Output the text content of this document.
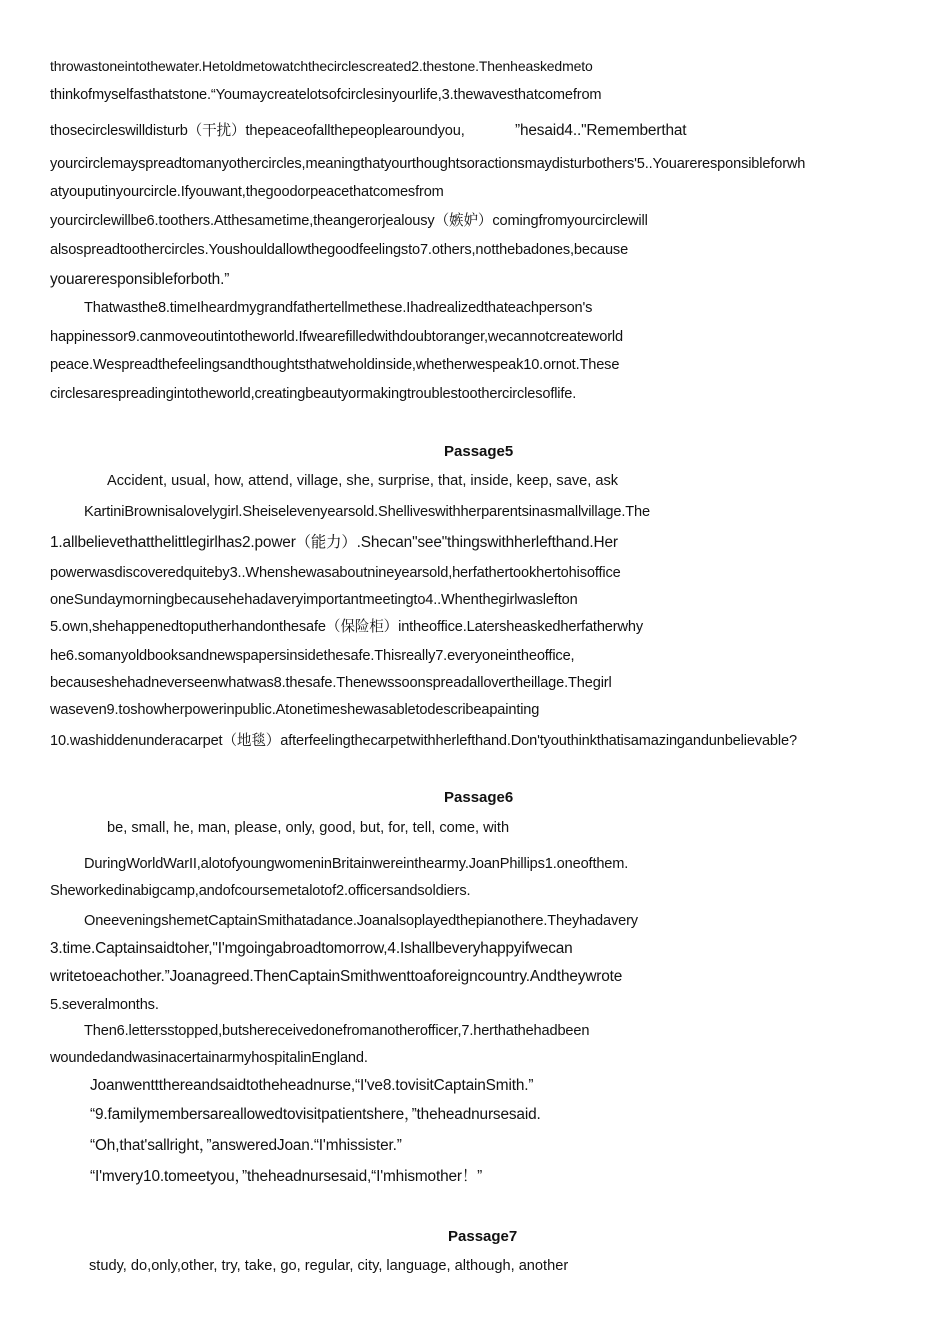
throwastoneintothewater.Hetoldmetowatchthecirclescreated2.thestone.Thenheaskedmeto
thinkofmyselfasthatstone.“Youmaycreatelotsofcirclesinyourlife,3.thewavesthatcomefrom
thosecircleswilldisturb（干扰）thepeaceofallthepeoplearoundyou,	”hesaid4.."Rememberthat
yourcirclemayspreadtomanyothercircles,meaningthatyourthoughtsoractionsmaydisturbothers'5..Youareresponsibleforwh
atyouputinyourcircle.Ifyouwant,thegoodorpeacethatcomesfrom
yourcirclewillbe6.toothers.Atthesametime,theangerorjealousy（嫉妒）comingfromyourcirclewill
alsospreadtoothercircles.Youshouldallowthegoodfeelingsto7.others,notthebadones,because
youareresponsibleforboth.”
Thatwasthe8.timeIheardmygrandfathertellmethese.Ihadrealizedthateachperson's
happinessor9.canmoveoutintotheworld.Ifwearefilledwithdoubtoranger,wecannotcreateworld
peace.Wespreadthefeelingsandthoughtsthatweholdinside,whetherwespeak10.ornot.These
circlesarespreadingintotheworld,creatingbeautyormakingtroublestoothercirclesoflife.
Passage5
Accident, usual, how, attend, village, she, surprise, that, inside, keep, save, ask
KartiniBrownisalovelygirl.Sheiselevenyearsold.Shelliveswithherparentsinasmallvillage.The
1.allbelievethatthelittlegirlhas2.power（能力）.Shecan"see"thingswithherlefthand.Her
powerwasdiscoveredquiteby3..Whenshewasaboutnineyearsold,herfathertookhertohisoffice
oneSundaymorningbecausehehadaveryimportantmeetingto4..Whenthegirlwaslefton
5.own,shehappenedtoputherhandonthesafe（保险柜）intheoffice.Latersheaskedherfatherwhy
he6.somanyoldbooksandnewspapersinsidethesafe.Thisreally7.everyoneintheoffice,
becauseshehadneverseenwhatwas8.thesafe.Thenewssoonspreadallovertheillage.Thegirl
waseven9.toshowherpowerinpublic.Atonetimeshewasabletodescribeapainting
10.washiddenunderacarpet（地毯）afterfeelingthecarpetwithherlefthand.Don'tyouthinkthatisamazingandunbelievable?
Passage6
be, small, he, man, please, only, good, but, for, tell, come, with
DuringWorldWarII,alotofyoungwomeninBritainwereinthearmy.JoanPhillips1.oneofthem.
Sheworkedinabigcamp,andofcoursemetalotof2.officersandsoldiers.
OneeveningshemetCaptainSmithatadance.Joanalsoplayedthepianothere.Theyhadavery
3.time.Captainsaidtoher,"I'mgoingabroadtomorrow,4.Ishallbeveryhappyifwecan
writetoeachother.”Joanagreed.ThenCaptainSmithwenttoaforeigncountry.Andtheywrote
5.severalmonths.
Then6.lettersstopped,butshereceivedonefromanotherofficer,7.herthathehadbeen
woundedandwasinacertainarmyhospitalinEngland.
Joanwenttthereandsaidtotheheadnurse,“I've8.tovisitCaptainSmith.”
“9.familymembersareallowedtovisitpatientshere，”theheadnursesaid.
“Oh,that'sallright，”answeredJoan.“I'mhissister.”
“I'mvery10.tomeetyou，”theheadnursesaid,“I'mhismother！”
Passage7
study, do,only,other, try, take, go, regular, city, language, although, another
